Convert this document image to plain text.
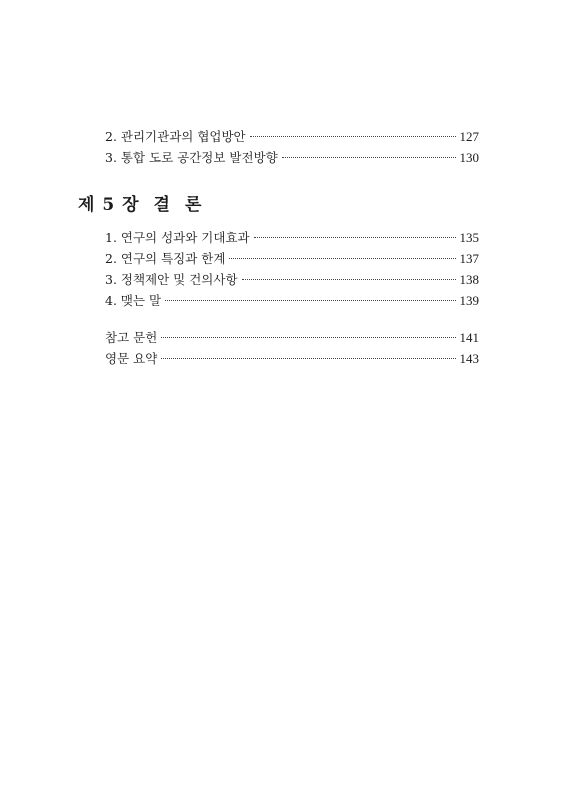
2. 관리기관과의 협업방안	127
3. 통합 도로 공간정보 발전방향	130
제 5 장 결 론
1. 연구의 성과와 기대효과	135
2. 연구의 특징과 한계	137
3. 정책제안 및 건의사항	138
4. 맺는 말	139
참고 문헌	141
영문 요약	143
